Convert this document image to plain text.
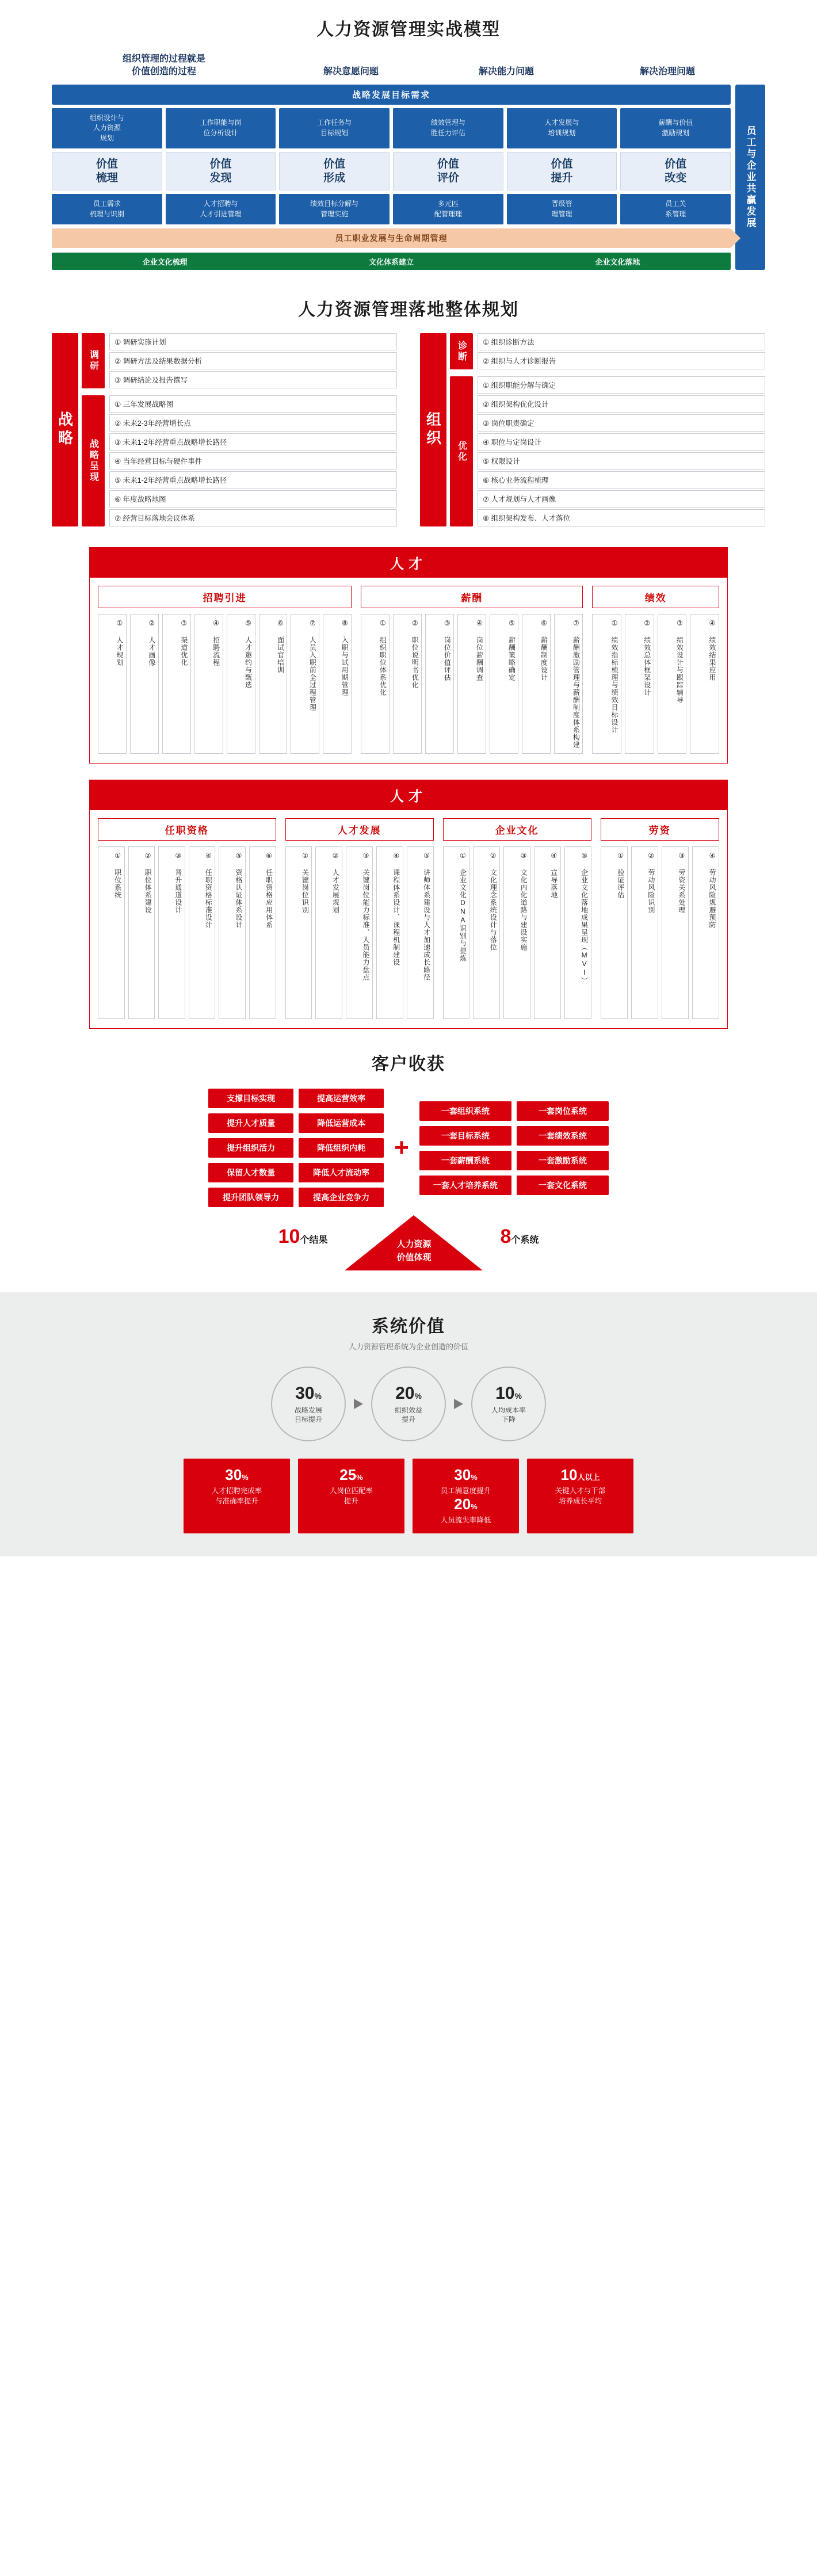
人力资源管理实战模型
组织管理的过程就是
价值创造的过程	解决意愿问题	解决能力问题	解决治理问题
战略发展目标需求
组织设计与
人力资源
规划
工作职能与岗
位分析设计
工作任务与
目标规划
绩效管理与
胜任力评估
人才发展与
培训规划
薪酬与价值
激励规划
价值
梳理
价值
发现
价值
形成
价值
评价
价值
提升
价值
改变
员工需求
梳理与识别
人才招聘与
人才引进管理
绩效目标分解与
管理实施
多元匹
配管理理
晋级管
理管理
员工关
系管理
员工职业发展与生命周期管理
企业文化梳理	文化体系建立	企业文化落地
员工与企业共赢发展
人力资源管理落地整体规划
战略
调研
① 调研实施计划
② 调研方法及结果数据分析
③ 调研结论及报告撰写
战略呈现
① 三年发展战略图
② 未来2-3年经营增长点
③ 未来1-2年经营重点战略增长路径
④ 当年经营目标与硬件事件
⑤ 未来1-2年经营重点战略增长路径
⑥ 年度战略地图
⑦ 经营目标落地会议体系
组织
诊断	① 组织诊断方法
② 组织与人才诊断报告
优化
① 组织职能分解与确定
② 组织架构优化设计
③ 岗位职责确定
④ 职位与定岗设计
⑤ 权限设计
⑥ 核心业务流程梳理
⑦ 人才规划与人才画像
⑧ 组织架构发布、人才落位
人才
招聘引进
① 人才规划	② 人才画像	③ 渠道优化	④ 招聘流程	⑤ 人才邀约与甄选	⑥ 面试官培训	⑦ 人员入职前全过程管理	⑧ 入职与试用期管理
薪酬
① 组织职位体系优化	② 职位说明书优化	③ 岗位价值评估	④ 岗位薪酬调查	⑤ 薪酬策略确定	⑥ 薪酬制度设计	⑦ 薪酬激励管理与薪酬制度体系构建
绩效
① 绩效指标梳理与绩效目标设计	② 绩效总体框架设计	③ 绩效设计与跟踪辅导	④ 绩效结果应用
人才
任职资格
① 职位系统	② 职位体系建设	③ 晋升通道设计	④ 任职资格标准设计	⑤ 资格认证体系设计	⑥ 任职资格应用体系
人才发展
① 关键岗位识别	② 人才发展规划	③ 关键岗位能力标准、人员能力盘点	④ 课程体系设计、课程机制建设	⑤ 讲师体系建设与人才加速成长路径
企业文化
① 企业文化DNA识别与提炼	② 文化理念系统设计与落位	③ 文化内化道路与建设实施	④ 宣导落地	⑤ 企业文化落地成果呈现（MVI）
劳资
① 验证评估	② 劳动风险识别	③ 劳资关系处理	④ 劳动风险规避预防
客户收获
支撑目标实现	提高运营效率
提升人才质量	降低运营成本
提升组织活力	降低组织内耗
保留人才数量	降低人才流动率
提升团队领导力	提高企业竞争力
+
一套组织系统	一套岗位系统
一套目标系统	一套绩效系统
一套薪酬系统	一套激励系统
一套人才培养系统	一套文化系统
10个结果	人力资源
价值体现
8个系统
系统价值
人力资源管理系统为企业创造的价值
30%
战略发展
目标提升
20%
组织效益
提升
10%
人均成本率
下降
30%
人才招聘完成率
与准确率提升
25%
人岗位匹配率
提升
30%
员工满意度提升
20%
人员流失率降低
10人以上
关键人才与干部
培养成长平均
